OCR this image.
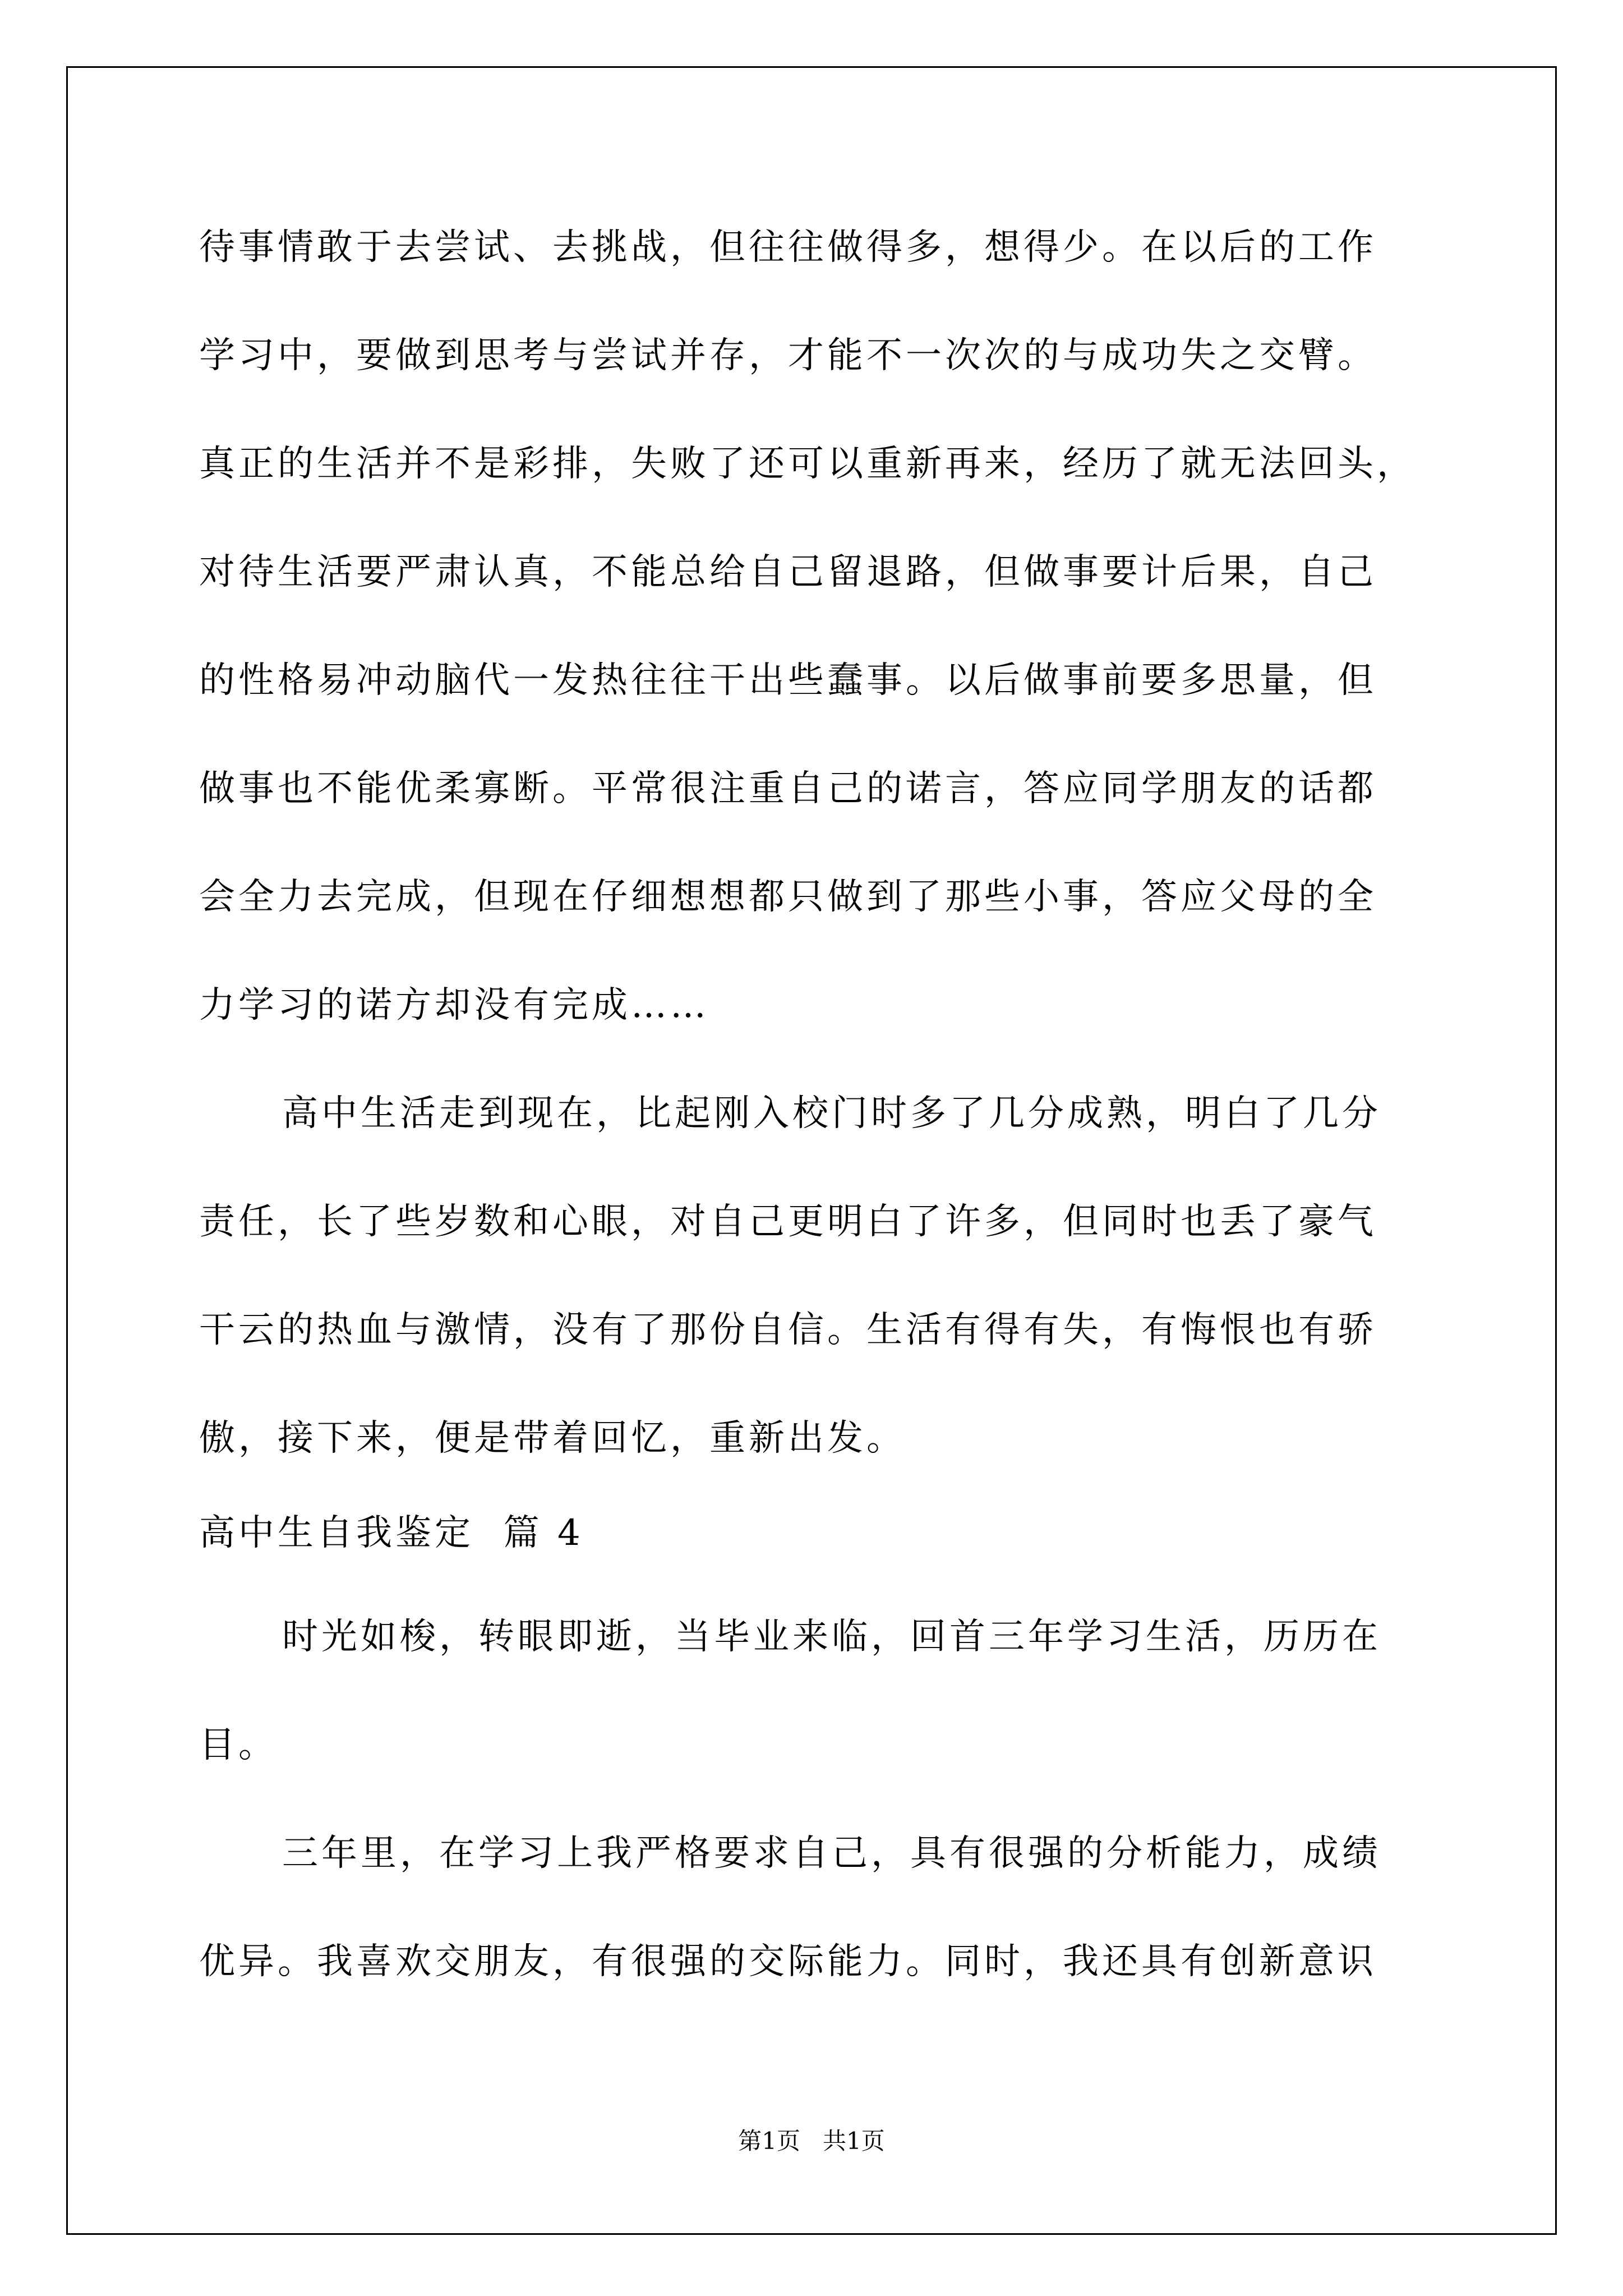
待事情敢于去尝试、去挑战，但往往做得多，想得少。在以后的工作
学习中，要做到思考与尝试并存，才能不一次次的与成功失之交臂。
真正的生活并不是彩排，失败了还可以重新再来，经历了就无法回头，
对待生活要严肃认真，不能总给自己留退路，但做事要计后果，自己
的性格易冲动脑代一发热往往干出些蠢事。以后做事前要多思量，但
做事也不能优柔寡断。平常很注重自己的诺言，答应同学朋友的话都
会全力去完成，但现在仔细想想都只做到了那些小事，答应父母的全
力学习的诺方却没有完成……
高中生活走到现在，比起刚入校门时多了几分成熟，明白了几分
责任，长了些岁数和心眼，对自己更明白了许多，但同时也丢了豪气
干云的热血与激情，没有了那份自信。生活有得有失，有悔恨也有骄
傲，接下来，便是带着回忆，重新出发。
高中生自我鉴定  篇 4
时光如梭，转眼即逝，当毕业来临，回首三年学习生活，历历在
目。
三年里，在学习上我严格要求自己，具有很强的分析能力，成绩
优异。我喜欢交朋友，有很强的交际能力。同时，我还具有创新意识
第1页   共1页
